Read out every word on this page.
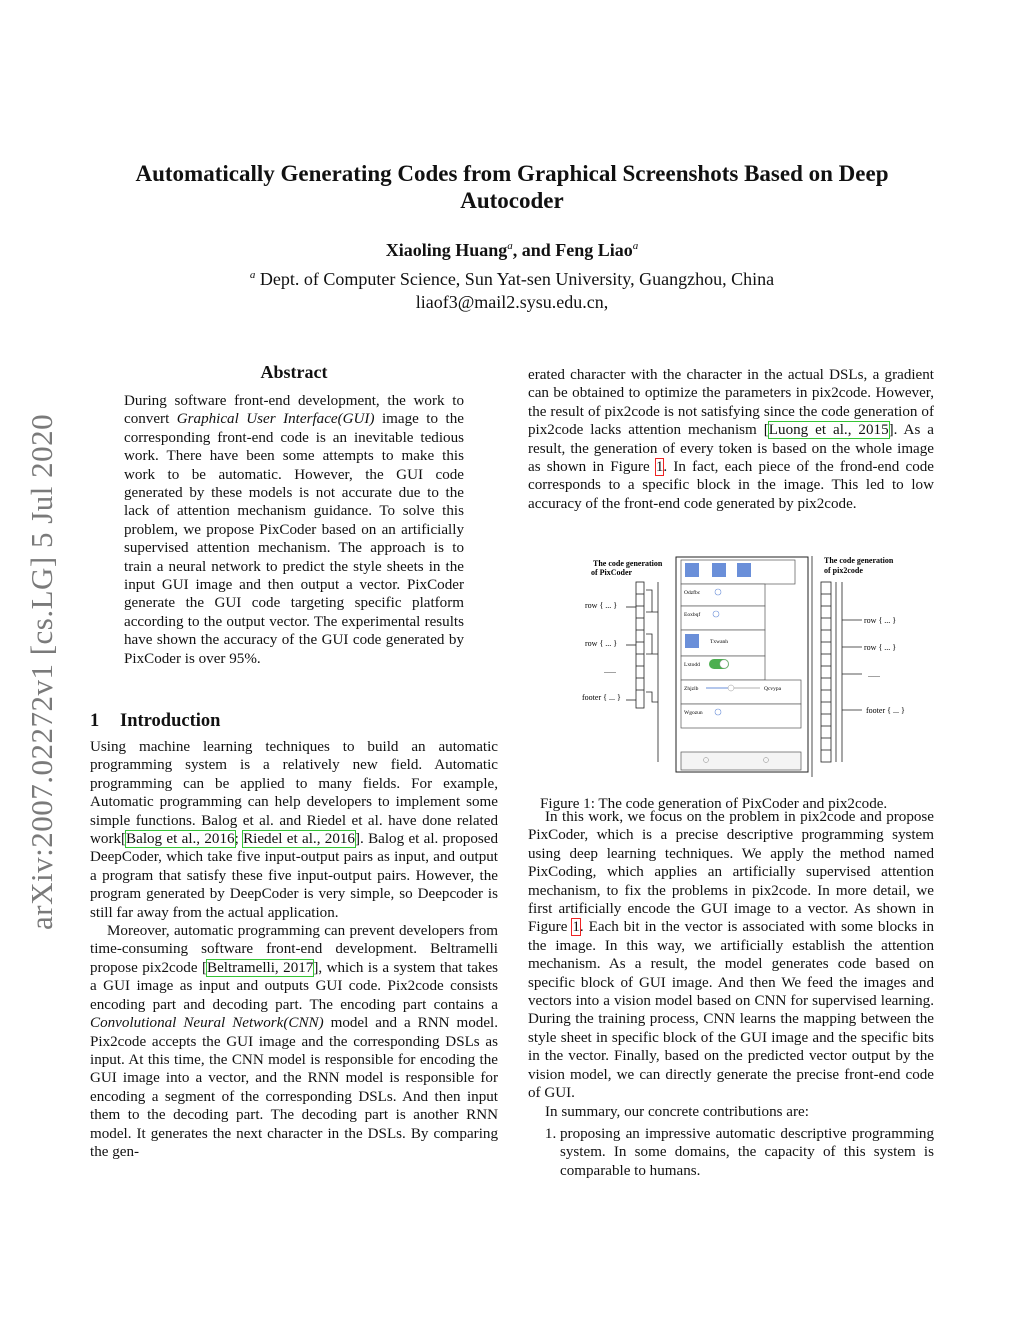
arXiv:2007.02272v1 [cs.LG] 5 Jul 2020
Automatically Generating Codes from Graphical Screenshots Based on Deep
Autocoder
Xiaoling Huang$^a$, and Feng Liao$^a$
$^a$ Dept. of Computer Science, Sun Yat-sen University, Guangzhou, China
liaof3@mail2.sysu.edu.cn,
Abstract

During software front-end development, the work to convert Graphical User Interface(GUI) image to the corresponding front-end code is an inevitable tedious work. There have been some attempts to make this work to be automatic. However, the GUI code generated by these models is not accurate due to the lack of attention mechanism guidance. To solve this problem, we propose PixCoder based on an artificially supervised attention mechanism. The approach is to train a neural network to predict the style sheets in the input GUI image and then output a vector. PixCoder generate the GUI code targeting specific platform according to the output vector. The experimental results have shown the accuracy of the GUI code generated by PixCoder is over 95%.

1 Introduction

Using machine learning techniques to build an automatic programming system is a relatively new field. Automatic programming can be applied to many fields. For example, Automatic programming can help developers to implement some simple functions. Balog et al. and Riedel et al. have done related work[Balog et al., 2016; Riedel et al., 2016]. Balog et al. proposed DeepCoder, which take five input-output pairs as input, and output a program that satisfy these five input-output pairs. However, the program generated by DeepCoder is very simple, so Deepcoder is still far away from the actual application.

Moreover, automatic programming can prevent developers from time-consuming software front-end development. Beltramelli propose pix2code [Beltramelli, 2017], which is a system that takes a GUI image as input and outputs GUI code. Pix2code consists encoding part and decoding part. The encoding part contains a Convolutional Neural Network(CNN) model and a RNN model. Pix2code accepts the GUI image and the corresponding DSLs as input. At this time, the CNN model is responsible for encoding the GUI image into a vector, and the RNN model is responsible for encoding a segment of the corresponding DSLs. And then input them to the decoding part. The decoding part is another RNN model. It generates the next character in the DSLs. By comparing the gen-

erated character with the character in the actual DSLs, a gradient can be obtained to optimize the parameters in pix2code. However, the result of pix2code is not satisfying since the code generation of pix2code lacks attention mechanism [Luong et al., 2015]. As a result, the generation of every token is based on the whole image as shown in Figure 1. In fact, each piece of the frond-end code corresponds to a specific block in the image. This led to low accuracy of the front-end code generated by pix2code.

The code generation
of PixCoder
The code generation
of pix2code
row { ... }
row { ... }
......
footer { ... }
Odzfbc
Eoxbqf
Txwanh
Lxtodd
Zhjzlb	Qcvypa
Wgozun
row { ... }
row { ... }
......
footer { ... }
Figure 1: The code generation of PixCoder and pix2code.

In this work, we focus on the problem in pix2code and propose PixCoder, which is a precise descriptive programming system using deep learning techniques. We apply the method named PixCoding, which applies an artificially supervised attention mechanism, to fix the problems in pix2code. In more detail, we first artificially encode the GUI image to a vector. As shown in Figure 1. Each bit in the vector is associated with some blocks in the image. In this way, we artificially establish the attention mechanism. As a result, the model generates code based on specific block of GUI image. And then We feed the images and vectors into a vision model based on CNN for supervised learning. During the training process, CNN learns the mapping between the style sheet in specific block of the GUI image and the specific bits in the vector. Finally, based on the predicted vector output by the vision model, we can directly generate the precise front-end code of GUI.

In summary, our concrete contributions are:

1. proposing an impressive automatic descriptive programming system. In some domains, the capacity of this system is comparable to humans.
